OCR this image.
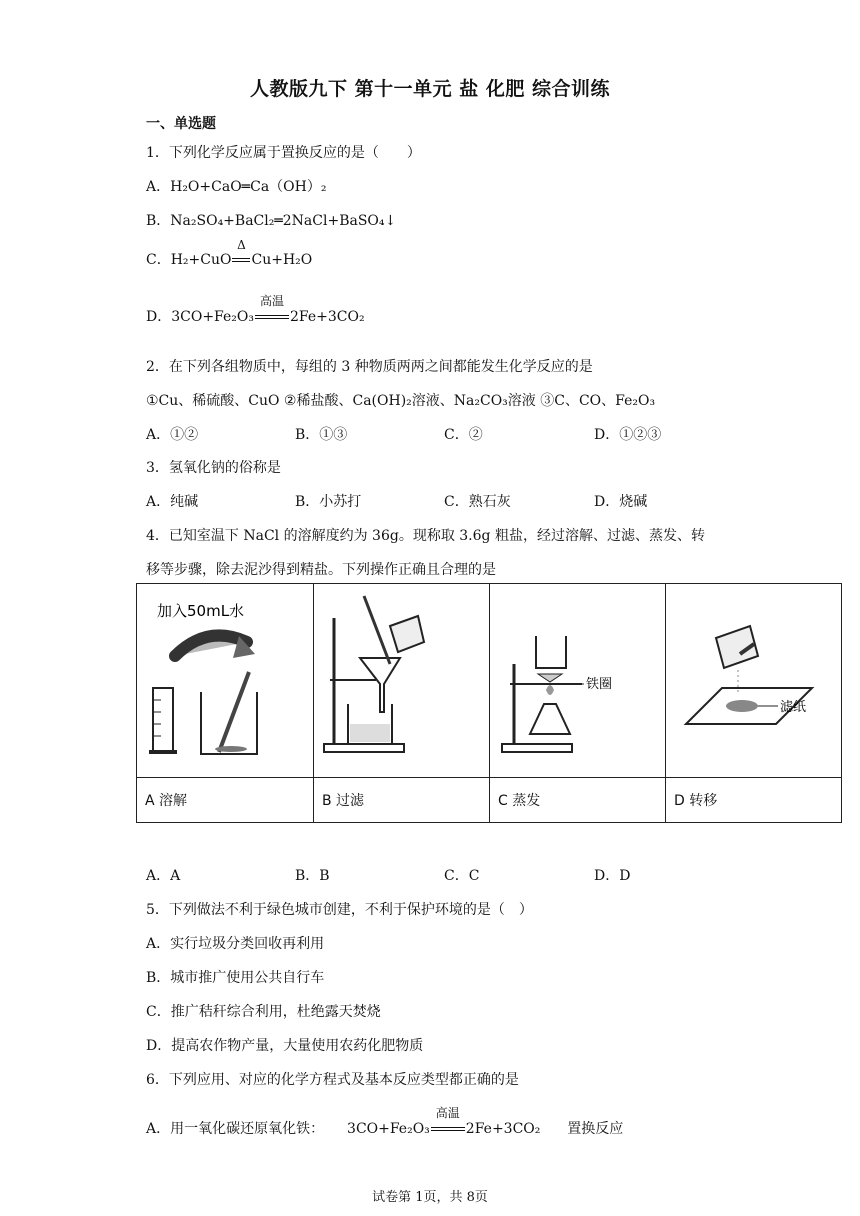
人教版九下 第十一单元 盐 化肥 综合训练
一、单选题
1．下列化学反应属于置换反应的是（　　）
A．H₂O+CaO═Ca（OH）₂
B．Na₂SO₄+BaCl₂═2NaCl+BaSO₄↓
C．H₂+CuO
Δ
Cu+H₂O
D．3CO+Fe₂O₃
高温
2Fe+3CO₂
2．在下列各组物质中，每组的 3 种物质两两之间都能发生化学反应的是
①Cu、稀硫酸、CuO ②稀盐酸、Ca(OH)₂溶液、Na₂CO₃溶液 ③C、CO、Fe₂O₃
A．①②	B．①③	C．②	D．①②③
3．氢氧化钠的俗称是
A．纯碱	B．小苏打	C．熟石灰	D．烧碱
4．已知室温下 NaCl 的溶解度约为 36g。现称取 3.6g 粗盐，经过溶解、过滤、蒸发、转
移等步骤，除去泥沙得到精盐。下列操作正确且合理的是
加入50mL水		铁圈	滤纸

A 溶解	B 过滤	C 蒸发	D 转移
A．A	B．B	C．C	D．D
5．下列做法不利于绿色城市创建，不利于保护环境的是（　）
A．实行垃圾分类回收再利用
B．城市推广使用公共自行车
C．推广秸秆综合利用，杜绝露天焚烧
D．提高农作物产量，大量使用农药化肥物质
6．下列应用、对应的化学方程式及基本反应类型都正确的是
A．用一氧化碳还原氧化铁： 3CO+Fe₂O₃
高温
2Fe+3CO₂ 置换反应
试卷第 1页，共 8页
